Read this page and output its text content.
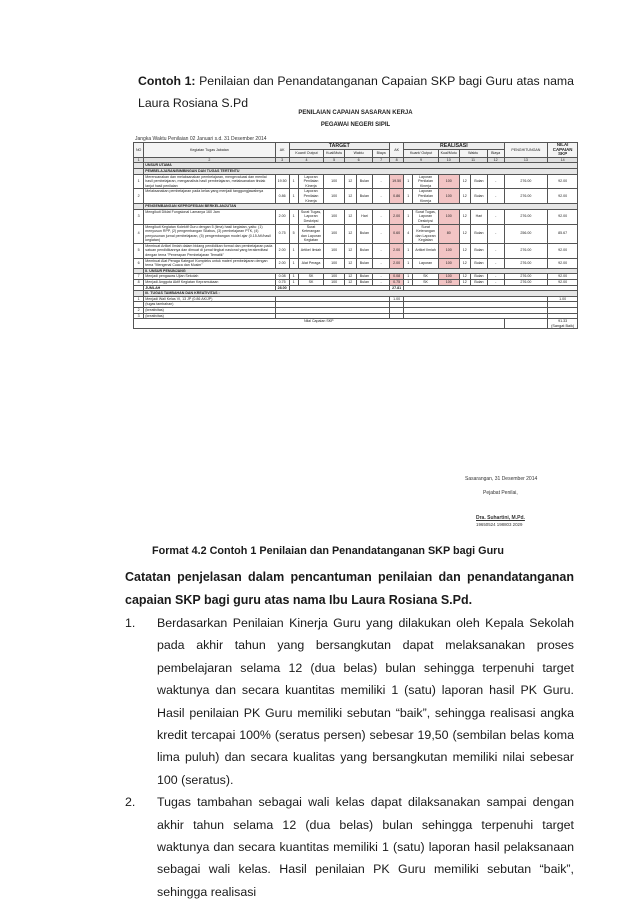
Contoh 1: Penilaian dan Penandatanganan Capaian SKP bagi Guru atas nama Laura Rosiana S.Pd
PENILAIAN CAPAIAN SASARAN KERJA
PEGAWAI NEGERI SIPIL
Jangka Waktu Penilaian 02 Januari s.d. 31 Desember 2014
NO	Kegiatan Tugas Jabatan	AK	TARGET						AK	REALISASI						PENGHITUNGAN	NILAI CAPAIAN SKP
			Kuant/ Output		Kual/Mutu	Waktu		Biaya		Kuant/ Output		Kual/Mutu	Waktu		Biaya		
1	2	3	4		5	6		7	8	9		10	11		12	13	14
	UNSUR UTAMA																
	PEMBELAJARAN/BIMBINGAN DAN TUGAS TERTENTU																
1	Merencanakan dan melaksanakan pembelajaran, mengevaluasi dan menilai hasil pembelajaran, menganalisis hasil pembelajaran, melaksanakan tindak lanjut hasil penilaian	19.50	1	Laporan Penilaian Kinerja	100	12	Bulan	-	19.50	1	Laporan Penilaian Kinerja	100	12	Bulan	-	276.00	92.00
2	Melaksanakan pembelajaran pada kelas yang menjadi tanggungjawabnya	0.86	1	Laporan Penilaian Kinerja	100	12	Bulan	-	0.86	1	Laporan Penilaian Kinerja	100	12	Bulan	-	276.00	92.00
	PENGEMBANGAN KEPROFESIAN BERKELANJUTAN																
3	Mengikuti Diklat Fungsional Lamanya 160 Jam	2.00	1	Surat Tugas, Laporan Deskripsi	100	12	Hari	-	2.00	1	Surat Tugas, Laporan Deskripsi	100	12	Hari	-	276.00	92.00
4	Mengikuti Kegiatan Kolektif Guru dengan 5 (lima) hasil kegiatan, yaitu: (1) menyusun RPP, (2) pengembangan Silabus, (3) pembelajaran PTK, (4) penyusunan jurnal pembelajaran, (5) pengembangan model ajar (0.15 AK/hasil kegiatan)	0.75	5	Surat Keterangan dan Laporan Kegiatan	100	12	Bulan	-	0.60	4	Surat Keterangan dan Laporan Kegiatan	80	12	Bulan	-	256.00	85.67
5	Membuat Artikel Ilmiah dalam bidang pendidikan formal dan pembelajaran pada satuan pendidikannya dan dimuat di jurnal tingkat nasional yang terakreditasi dengan tema "Penerapan Pembelajaran Tematik"	2.00	1	Artikel Ilmiah	100	12	Bulan	-	2.00	1	Artikel Ilmiah	100	12	Bulan	-	276.00	92.00
6	Membuat Alat Peraga Kategori Kompleks untuk materi pembelajaran dengan tema "Mengenal Cuaca dan Musim"	2.00	1	Alat Peraga	100	12	Bulan	-	2.00	1	Laporan	100	12	Bulan	-	276.00	92.00
	II. UNSUR PENUNJANG																
7	Menjadi pengawas Ujian Sekolah	0.08	1	SK	100	12	Bulan	-	0.08	1	SK	100	12	Bulan	-	276.00	92.00
8	Menjadi Anggota Aktif Kegiatan Kepramukaan	0.75	1	SK	100	12	Bulan	-	0.75	1	SK	100	12	Bulan	-	276.00	92.00
	JUMLAH	28.00							27.81								
	III. TUGAS TAMBAHAN DAN KREATIVITAS :																
1	Menjadi Wali Kelas VI, 13 JP (0.86 AK/JP)								1.00								1.00
	(tugas tambahan)																
2	(kreativitas)																
3	(kreativitas)																
Nilai Capaian SKP																	91.33
(Sangat Baik)
Sasarangan, 31 Desember 2014
Pejabat Penilai,
Dra. Suhartini, M.Pd.
19650524 198803 2029
Format 4.2 Contoh 1 Penilaian dan Penandatanganan SKP bagi Guru
Catatan penjelasan dalam pencantuman penilaian dan penandatanganan capaian SKP bagi guru atas nama Ibu Laura Rosiana S.Pd.
1. Berdasarkan Penilaian Kinerja Guru yang dilakukan oleh Kepala Sekolah pada akhir tahun yang bersangkutan dapat melaksanakan proses pembelajaran selama 12 (dua belas) bulan sehingga terpenuhi target waktunya dan secara kuantitas memiliki 1 (satu) laporan hasil PK Guru. Hasil penilaian PK Guru memiliki sebutan “baik”, sehingga realisasi angka kredit tercapai 100% (seratus persen) sebesar 19,50 (sembilan belas koma lima puluh) dan secara kualitas yang bersangkutan memiliki nilai sebesar 100 (seratus).
2. Tugas tambahan sebagai wali kelas dapat dilaksanakan sampai dengan akhir tahun selama 12 (dua belas) bulan sehingga terpenuhi target waktunya dan secara kuantitas memiliki 1 (satu) laporan hasil pelaksanaan sebagai wali kelas. Hasil penilaian PK Guru memiliki sebutan “baik”, sehingga realisasi
